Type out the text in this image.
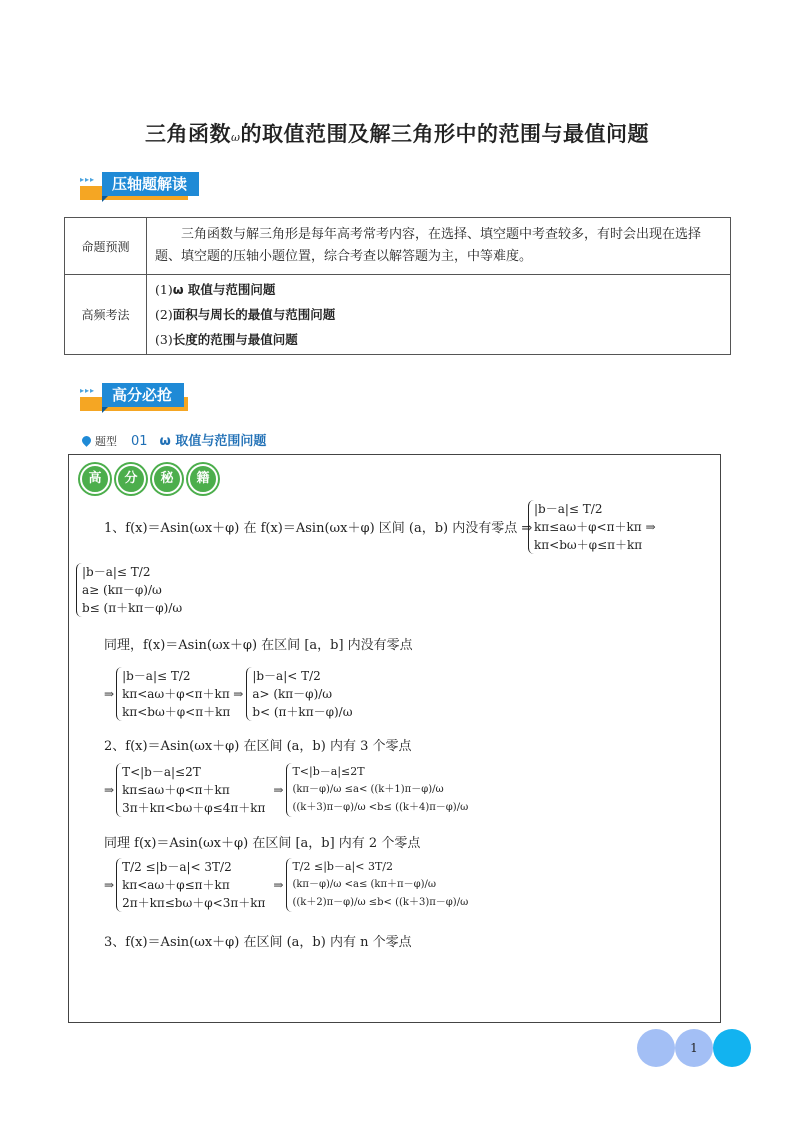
三角函数ω的取值范围及解三角形中的范围与最值问题
▸▸▸	压轴题解读
命题预测	三角函数与解三角形是每年高考常考内容，在选择、填空题中考查较多，有时会出现在选择题、填空题的压轴小题位置，综合考查以解答题为主，中等难度。
高频考法	(1)ω 取值与范围问题
(2)面积与周长的最值与范围问题
(3)长度的范围与最值问题
▸▸▸	高分必抢
题型 01 ω 取值与范围问题
高	分	秘	籍
1、f(x)＝Asin(ωx＋φ) 在 f(x)＝Asin(ωx＋φ) 区间 (a，b) 内没有零点 ⇒
|b－a|≤ T/2
kπ≤aω＋φ<π＋kπ ⇒
kπ<bω＋φ≤π＋kπ
|b－a|≤ T/2
a≥ (kπ－φ)/ω
b≤ (π＋kπ－φ)/ω
同理，f(x)＝Asin(ωx＋φ) 在区间 [a，b] 内没有零点
⇒
|b－a|≤ T/2
kπ<aω＋φ<π＋kπ
kπ<bω＋φ<π＋kπ
⇒
|b－a|< T/2
a> (kπ－φ)/ω
b< (π＋kπ－φ)/ω
2、f(x)＝Asin(ωx＋φ) 在区间 (a，b) 内有 3 个零点
⇒
T<|b－a|≤2T
kπ≤aω＋φ<π＋kπ
3π＋kπ<bω＋φ≤4π＋kπ
⇒
T<|b－a|≤2T
(kπ－φ)/ω ≤a< ((k＋1)π－φ)/ω
((k＋3)π－φ)/ω <b≤ ((k＋4)π－φ)/ω
同理 f(x)＝Asin(ωx＋φ) 在区间 [a，b] 内有 2 个零点
⇒
T/2 ≤|b－a|< 3T/2
kπ<aω＋φ≤π＋kπ
2π＋kπ≤bω＋φ<3π＋kπ
⇒
T/2 ≤|b－a|< 3T/2
(kπ－φ)/ω <a≤ (kπ＋π－φ)/ω
((k＋2)π－φ)/ω ≤b< ((k＋3)π－φ)/ω
3、f(x)＝Asin(ωx＋φ) 在区间 (a，b) 内有 n 个零点
1
